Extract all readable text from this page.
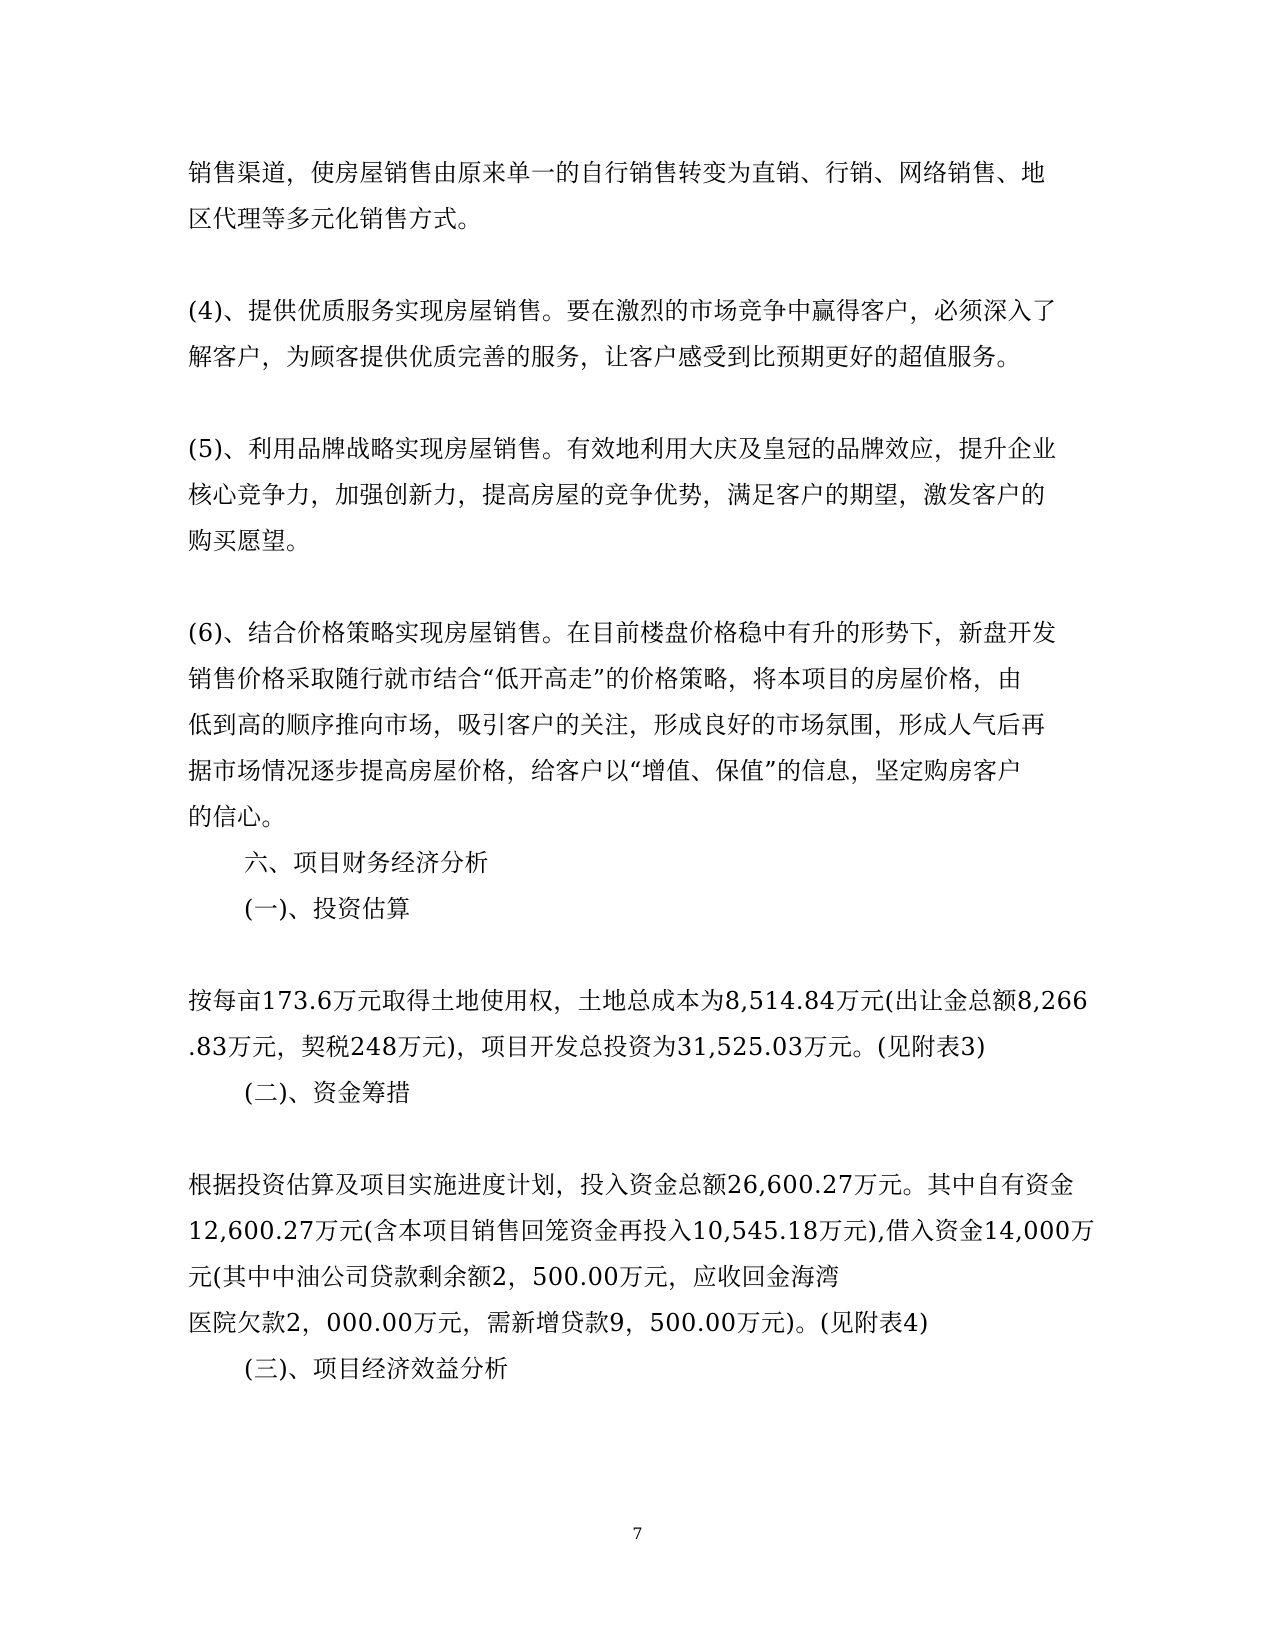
销售渠道，使房屋销售由原来单一的自行销售转变为直销、行销、网络销售、地
区代理等多元化销售方式。
(4)、提供优质服务实现房屋销售。要在激烈的市场竞争中赢得客户，必须深入了
解客户，为顾客提供优质完善的服务，让客户感受到比预期更好的超值服务。
(5)、利用品牌战略实现房屋销售。有效地利用大庆及皇冠的品牌效应，提升企业
核心竞争力，加强创新力，提高房屋的竞争优势，满足客户的期望，激发客户的
购买愿望。
(6)、结合价格策略实现房屋销售。在目前楼盘价格稳中有升的形势下，新盘开发
销售价格采取随行就市结合“低开高走”的价格策略，将本项目的房屋价格，由
低到高的顺序推向市场，吸引客户的关注，形成良好的市场氛围，形成人气后再
据市场情况逐步提高房屋价格，给客户以“增值、保值”的信息，坚定购房客户
的信心。
六、项目财务经济分析
(一)、投资估算
按每亩173.6万元取得土地使用权，土地总成本为8,514.84万元(出让金总额8,266
.83万元，契税248万元)，项目开发总投资为31,525.03万元。(见附表3)
(二)、资金筹措
根据投资估算及项目实施进度计划，投入资金总额26,600.27万元。其中自有资金
12,600.27万元(含本项目销售回笼资金再投入10,545.18万元),借入资金14,000万
元(其中中油公司贷款剩余额2，500.00万元，应收回金海湾
医院欠款2，000.00万元，需新增贷款9，500.00万元)。(见附表4)
(三)、项目经济效益分析
7
